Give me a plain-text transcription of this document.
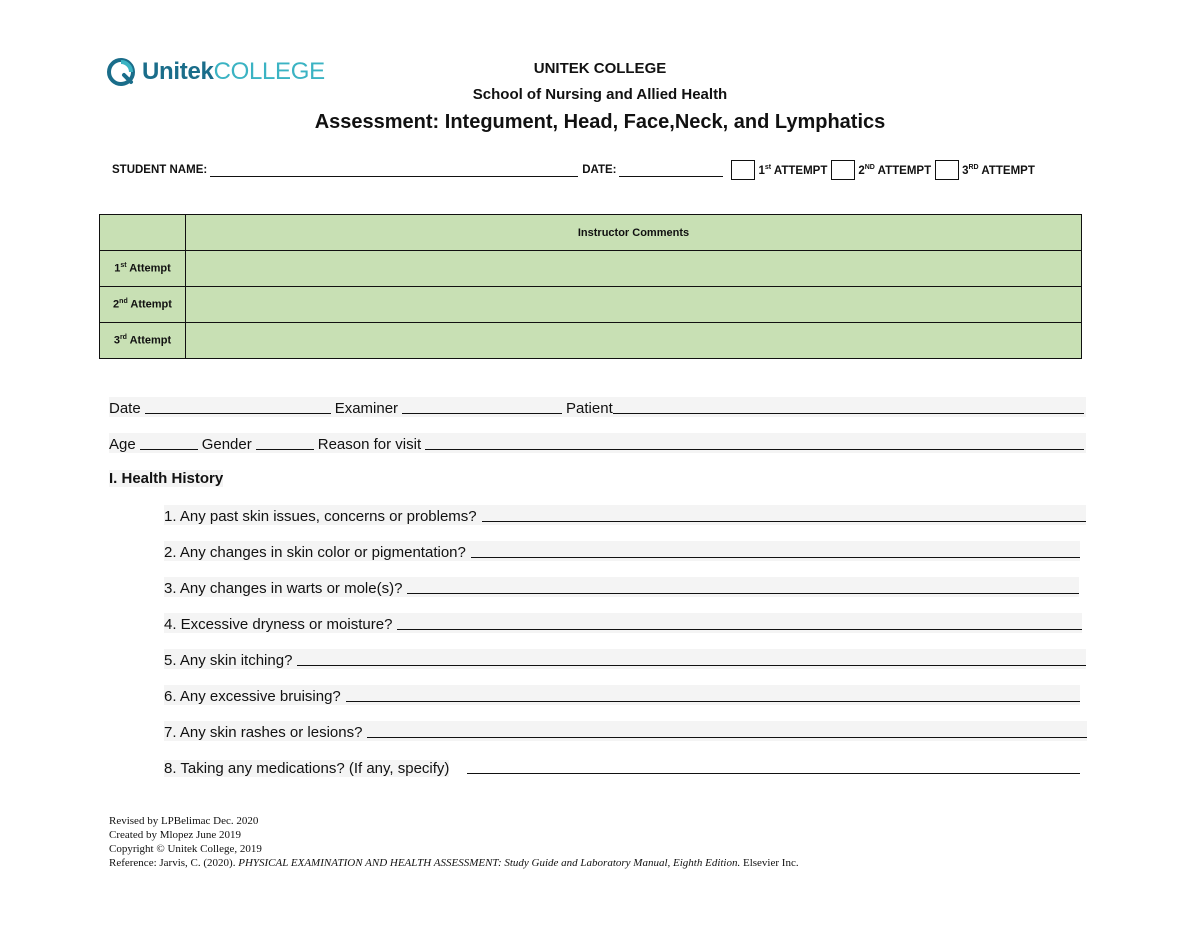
UnitekCOLLEGE	UNITEK COLLEGE
School of Nursing and Allied Health
Assessment: Integument, Head, Face,Neck, and Lymphatics
STUDENT NAME:	DATE:	1st ATTEMPT	2ND ATTEMPT	3RD ATTEMPT
	Instructor Comments
1st Attempt	
2nd Attempt	
3rd Attempt	
Date	Examiner	Patient
Age	Gender	Reason for visit
I. Health History
1. Any past skin issues, concerns or problems?
2. Any changes in skin color or pigmentation?
3. Any changes in warts or mole(s)?
4. Excessive dryness or moisture?
5. Any skin itching?
6. Any excessive bruising?
7. Any skin rashes or lesions?
8. Taking any medications? (If any, specify)
Revised by LPBelimac Dec. 2020
Created by Mlopez June 2019
Copyright © Unitek College, 2019
Reference: Jarvis, C. (2020). PHYSICAL EXAMINATION AND HEALTH ASSESSMENT: Study Guide and Laboratory Manual, Eighth Edition. Elsevier Inc.
